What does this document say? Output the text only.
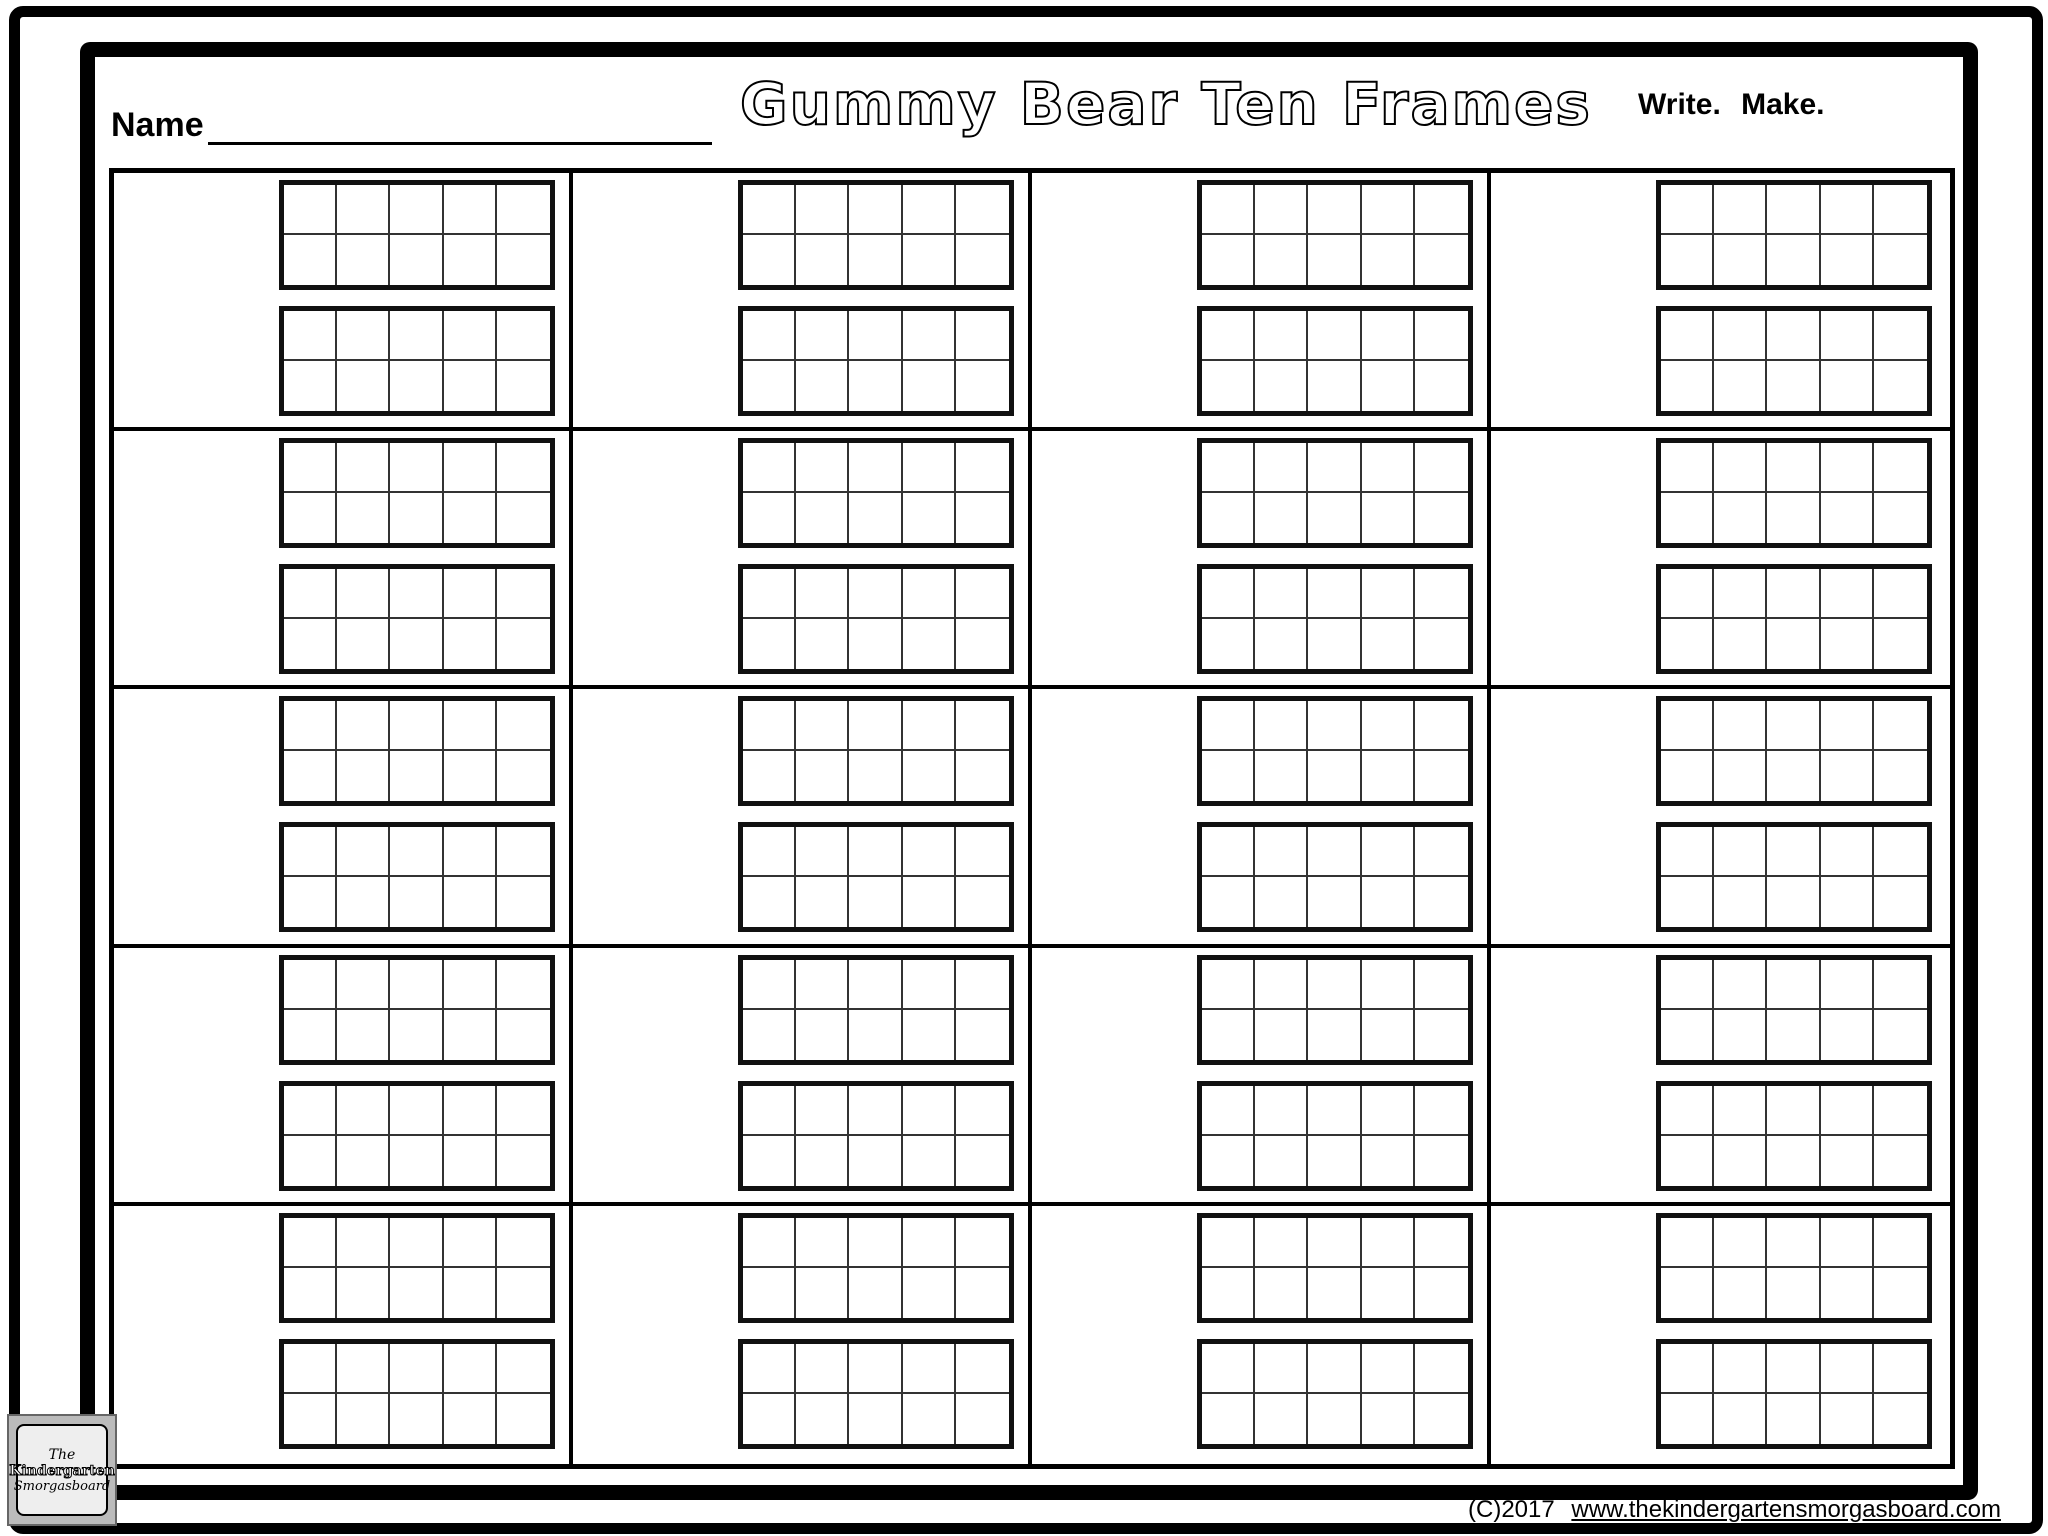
Name	Gummy Bear Ten Frames Write. Make.
The
Kindergarten
Smorgasboard
(C)2017 www.thekindergartensmorgasboard.com
